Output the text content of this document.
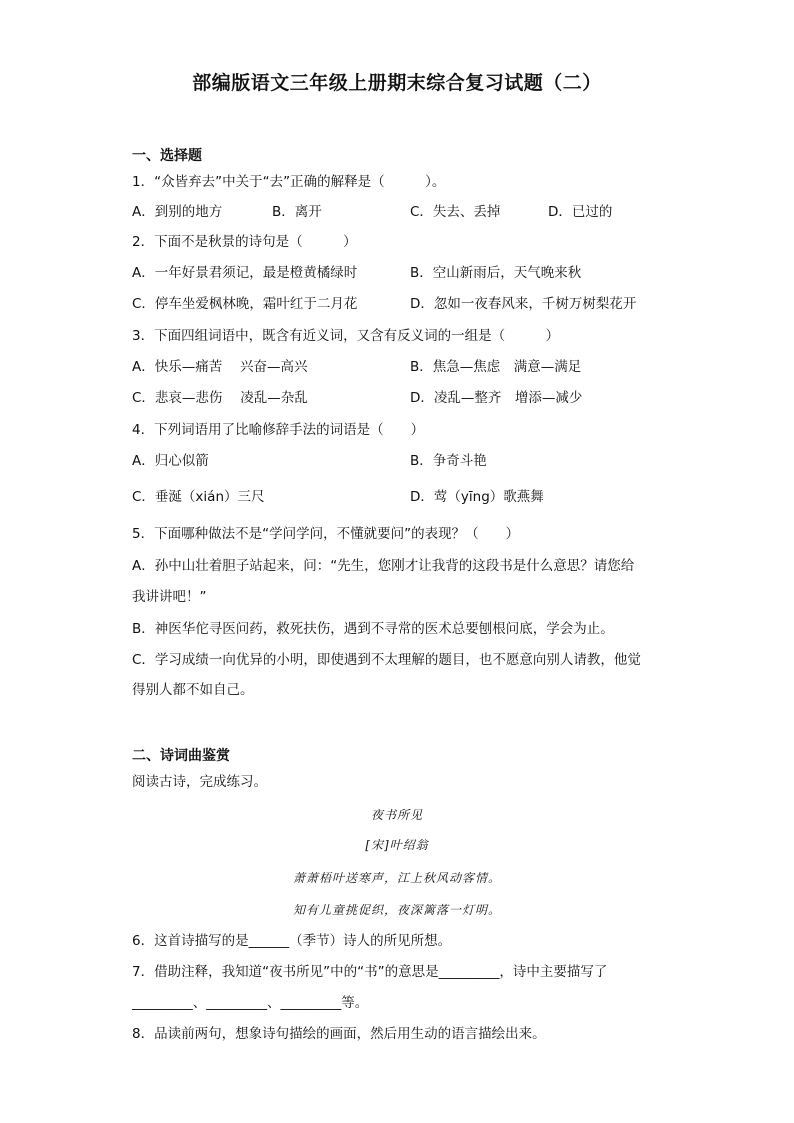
部编版语文三年级上册期末综合复习试题（二）
一、选择题
1．“众皆弃去”中关于“去”正确的解释是（　　　）。
A．到别的地方	B．离开	C．失去、丢掉	D．已过的
2．下面不是秋景的诗句是（　　　）
A．一年好景君须记，最是橙黄橘绿时	B．空山新雨后，天气晚来秋
C．停车坐爱枫林晚，霜叶红于二月花	D．忽如一夜春风来，千树万树梨花开
3．下面四组词语中，既含有近义词，又含有反义词的一组是（　　　）
A．快乐—痛苦　 兴奋—高兴	B．焦急—焦虑　满意—满足
C．悲哀—悲伤　 凌乱—杂乱	D．凌乱—整齐　增添—减少
4．下列词语用了比喻修辞手法的词语是（　　）
A．归心似箭	B．争奇斗艳
C．垂涎（xián）三尺	D．莺（yīng）歌燕舞
5．下面哪种做法不是“学问学问，不懂就要问”的表现？（　　）
A．孙中山壮着胆子站起来，问：“先生，您刚才让我背的这段书是什么意思？请您给
我讲讲吧！”
B．神医华佗寻医问药，救死扶伤，遇到不寻常的医术总要刨根问底，学会为止。
C．学习成绩一向优异的小明，即使遇到不太理解的题目，也不愿意向别人请教，他觉
得别人都不如自己。
二、诗词曲鉴赏
阅读古诗，完成练习。
夜书所见
[宋]叶绍翁
萧萧梧叶送寒声，江上秋风动客情。
知有儿童挑促织，夜深篱落一灯明。
6．这首诗描写的是______（季节）诗人的所见所想。
7．借助注释，我知道“夜书所见”中的“书”的意思是_________，诗中主要描写了
_________、_________、_________等。
8．品读前两句，想象诗句描绘的画面，然后用生动的语言描绘出来。
